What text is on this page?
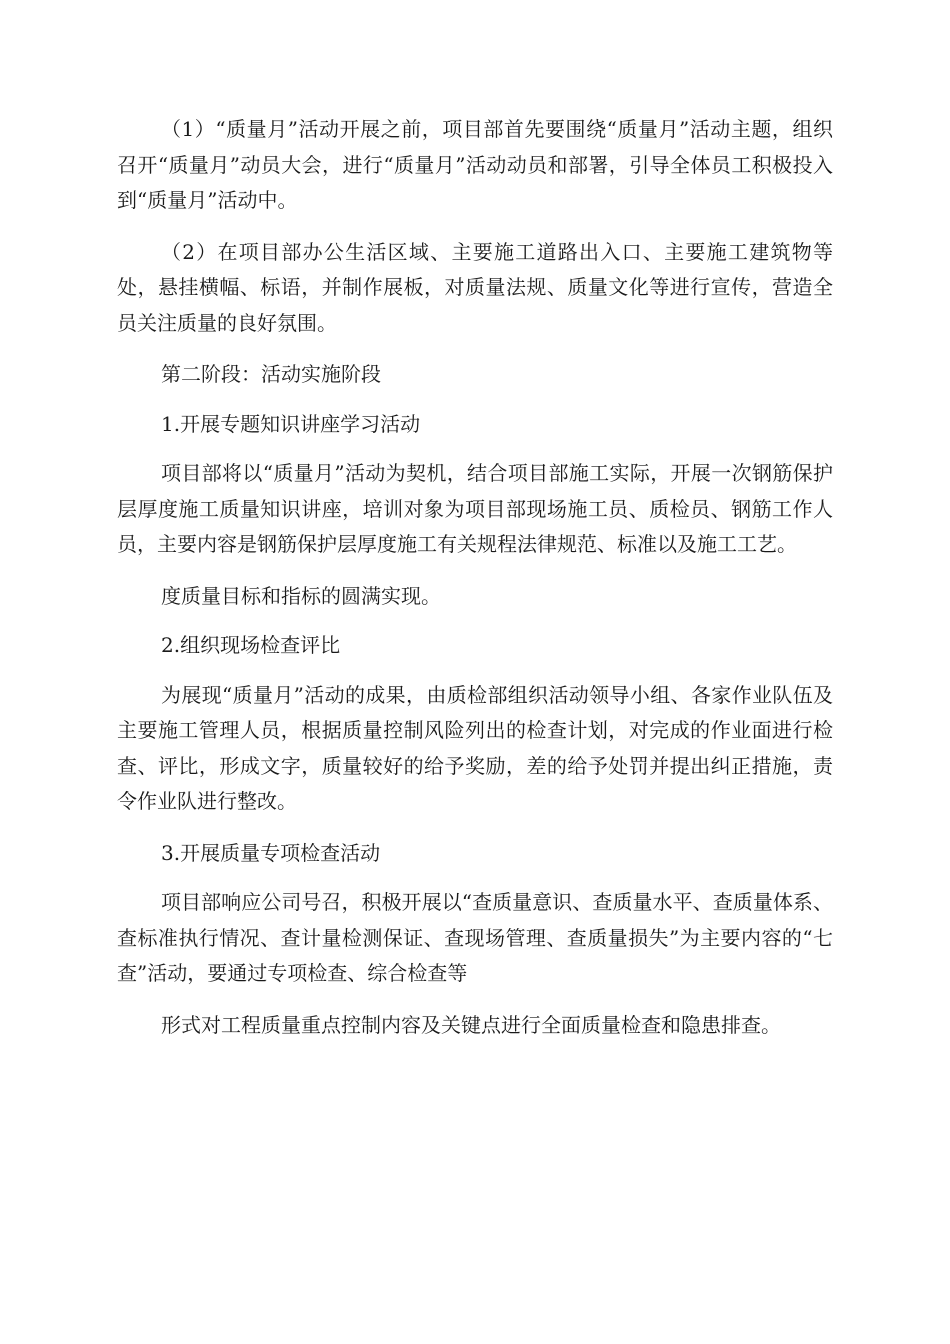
（1）“质量月”活动开展之前，项目部首先要围绕“质量月”活动主题，组织召开“质量月”动员大会，进行“质量月”活动动员和部署，引导全体员工积极投入到“质量月”活动中。

（2）在项目部办公生活区域、主要施工道路出入口、主要施工建筑物等处，悬挂横幅、标语，并制作展板，对质量法规、质量文化等进行宣传，营造全员关注质量的良好氛围。

第二阶段：活动实施阶段

1.开展专题知识讲座学习活动

项目部将以“质量月”活动为契机，结合项目部施工实际，开展一次钢筋保护层厚度施工质量知识讲座，培训对象为项目部现场施工员、质检员、钢筋工作人员，主要内容是钢筋保护层厚度施工有关规程法律规范、标准以及施工工艺。

度质量目标和指标的圆满实现。

2.组织现场检查评比

为展现“质量月”活动的成果，由质检部组织活动领导小组、各家作业队伍及主要施工管理人员，根据质量控制风险列出的检查计划，对完成的作业面进行检查、评比，形成文字，质量较好的给予奖励，差的给予处罚并提出纠正措施，责令作业队进行整改。

3.开展质量专项检查活动

项目部响应公司号召，积极开展以“查质量意识、查质量水平、查质量体系、查标准执行情况、查计量检测保证、查现场管理、查质量损失”为主要内容的“七查”活动，要通过专项检查、综合检查等

形式对工程质量重点控制内容及关键点进行全面质量检查和隐患排查。
